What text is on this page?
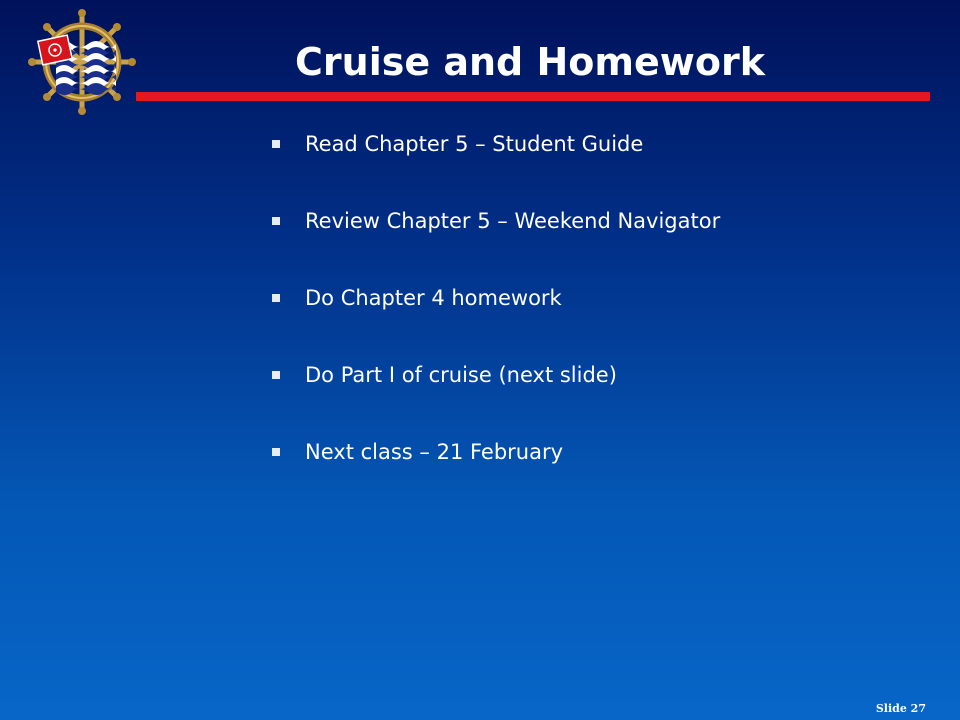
Cruise and Homework
Read Chapter 5 – Student Guide
Review Chapter 5 – Weekend Navigator
Do Chapter 4 homework
Do Part I of cruise (next slide)
Next class – 21 February
Slide 27
